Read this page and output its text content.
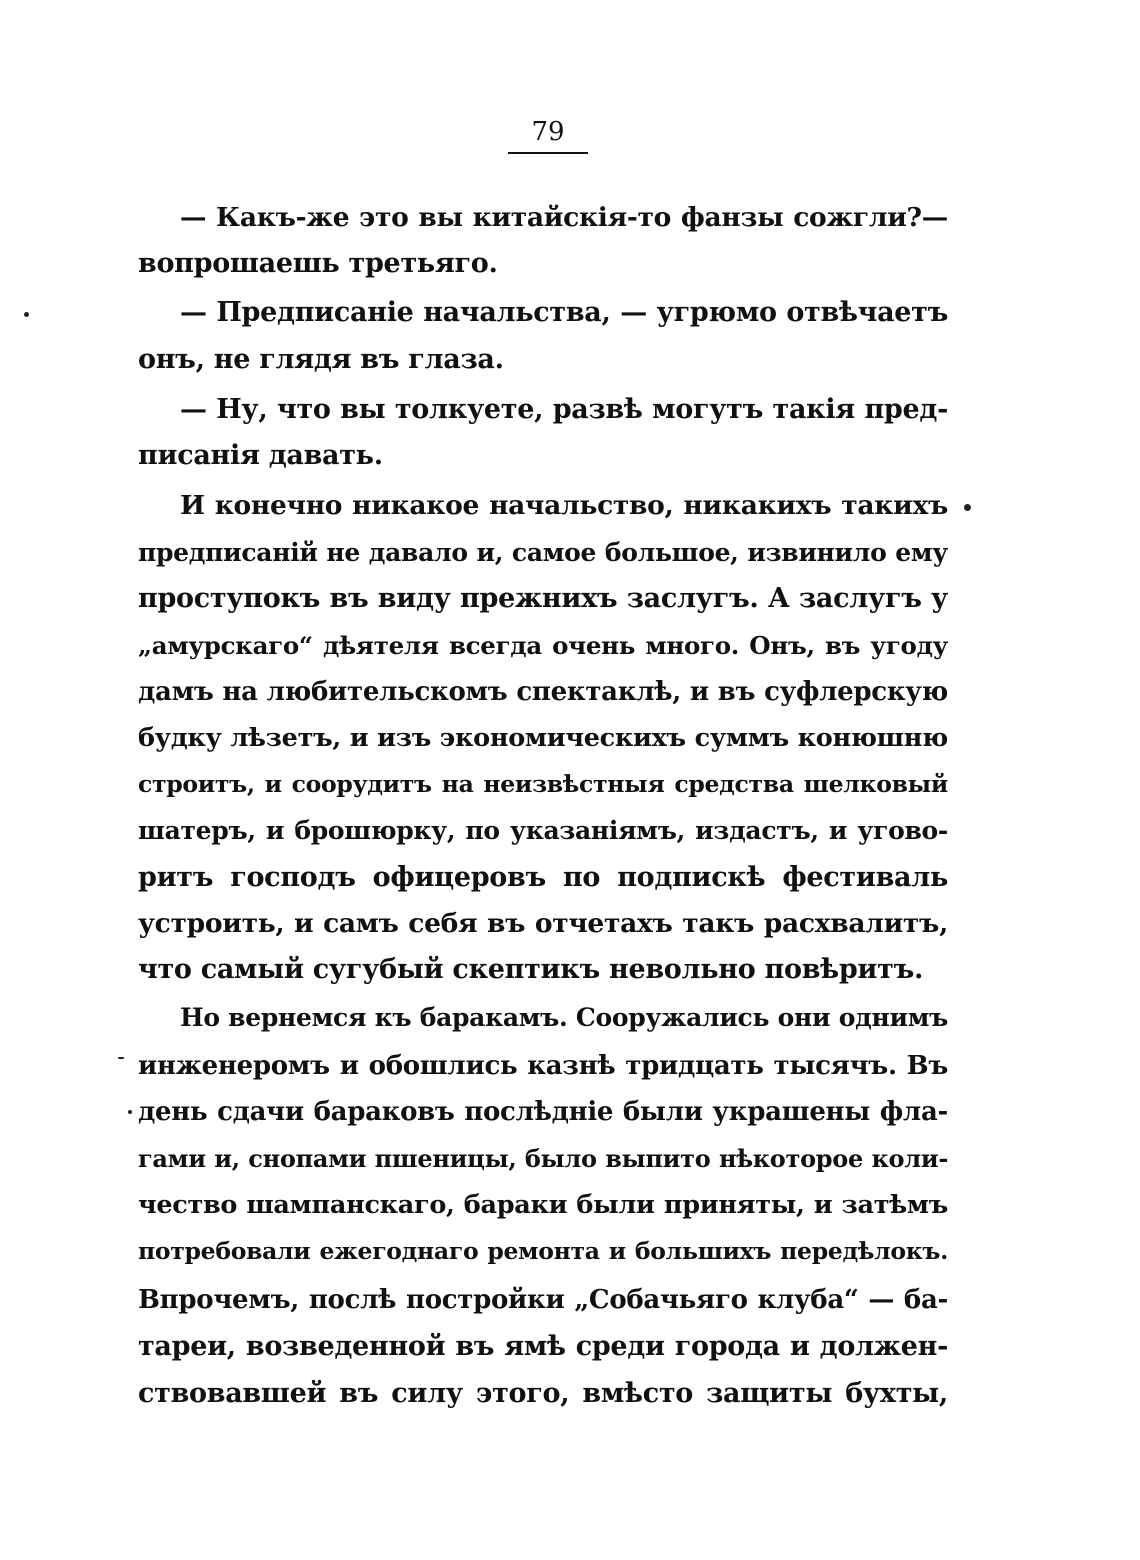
79
— Какъ-же это вы китайскія-то фанзы сожгли?—
вопрошаешь третьяго.
— Предписаніе начальства, — угрюмо отвѣчаетъ
онъ, не глядя въ глаза.
— Ну, что вы толкуете, развѣ могутъ такія пред-
писанія давать.
И конечно никакое начальство, никакихъ такихъ
предписаній не давало и, самое большое, извинило ему
проступокъ въ виду прежнихъ заслугъ. А заслугъ у
„амурскаго“ дѣятеля всегда очень много. Онъ, въ угоду
дамъ на любительскомъ спектаклѣ, и въ суфлерскую
будку лѣзетъ, и изъ экономическихъ суммъ конюшню
строитъ, и соорудитъ на неизвѣстныя средства шелковый
шатеръ, и брошюрку, по указаніямъ, издастъ, и угово-
ритъ господъ офицеровъ по подпискѣ фестиваль
устроить, и самъ себя въ отчетахъ такъ расхвалитъ,
что самый сугубый скептикъ невольно повѣритъ.
Но вернемся къ баракамъ. Сооружались они однимъ
инженеромъ и обошлись казнѣ тридцать тысячъ. Въ
день сдачи бараковъ послѣдніе были украшены фла-
гами и, снопами пшеницы, было выпито нѣкоторое коли-
чество шампанскаго, бараки были приняты, и затѣмъ
потребовали ежегоднаго ремонта и большихъ передѣлокъ.
Впрочемъ, послѣ постройки „Собачьяго клуба“ — ба-
тареи, возведенной въ ямѣ среди города и должен-
ствовавшей въ силу этого, вмѣсто защиты бухты,
